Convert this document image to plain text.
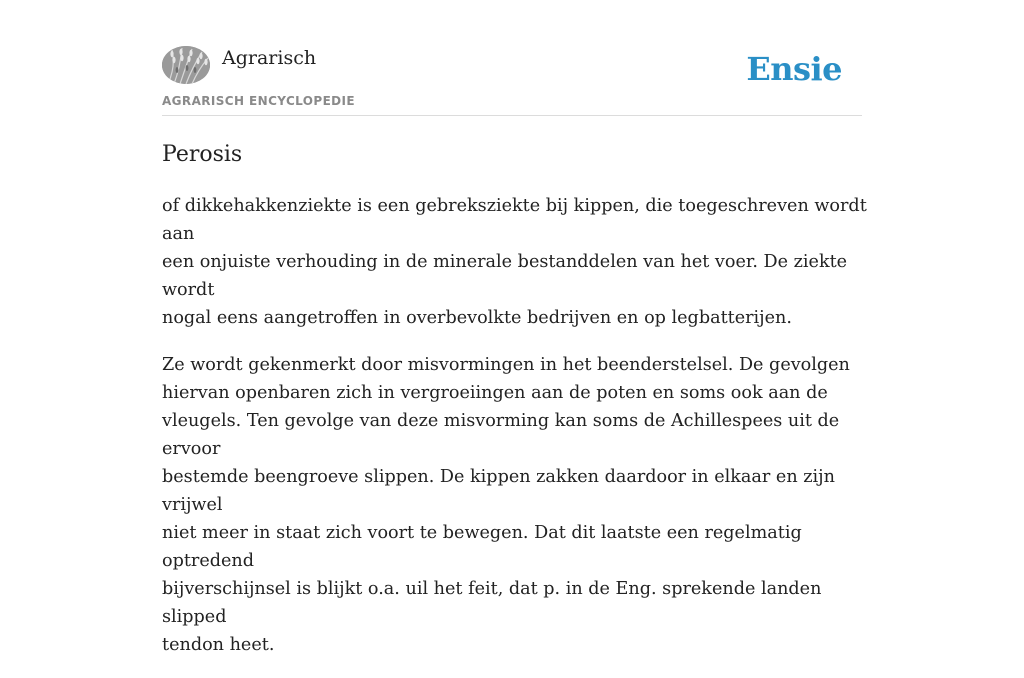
Agrarisch
AGRARISCH ENCYCLOPEDIE
Ensie
Perosis

of dikkehakkenziekte is een gebreksziekte bij kippen, die toegeschreven wordt aan
een onjuiste verhouding in de minerale bestanddelen van het voer. De ziekte wordt
nogal eens aangetroffen in overbevolkte bedrijven en op legbatterijen.

Ze wordt gekenmerkt door misvormingen in het beenderstelsel. De gevolgen
hiervan openbaren zich in vergroeiingen aan de poten en soms ook aan de
vleugels. Ten gevolge van deze misvorming kan soms de Achillespees uit de ervoor
bestemde beengroeve slippen. De kippen zakken daardoor in elkaar en zijn vrijwel
niet meer in staat zich voort te bewegen. Dat dit laatste een regelmatig optredend
bijverschijnsel is blijkt o.a. uil het feit, dat p. in de Eng. sprekende landen slipped
tendon heet.
